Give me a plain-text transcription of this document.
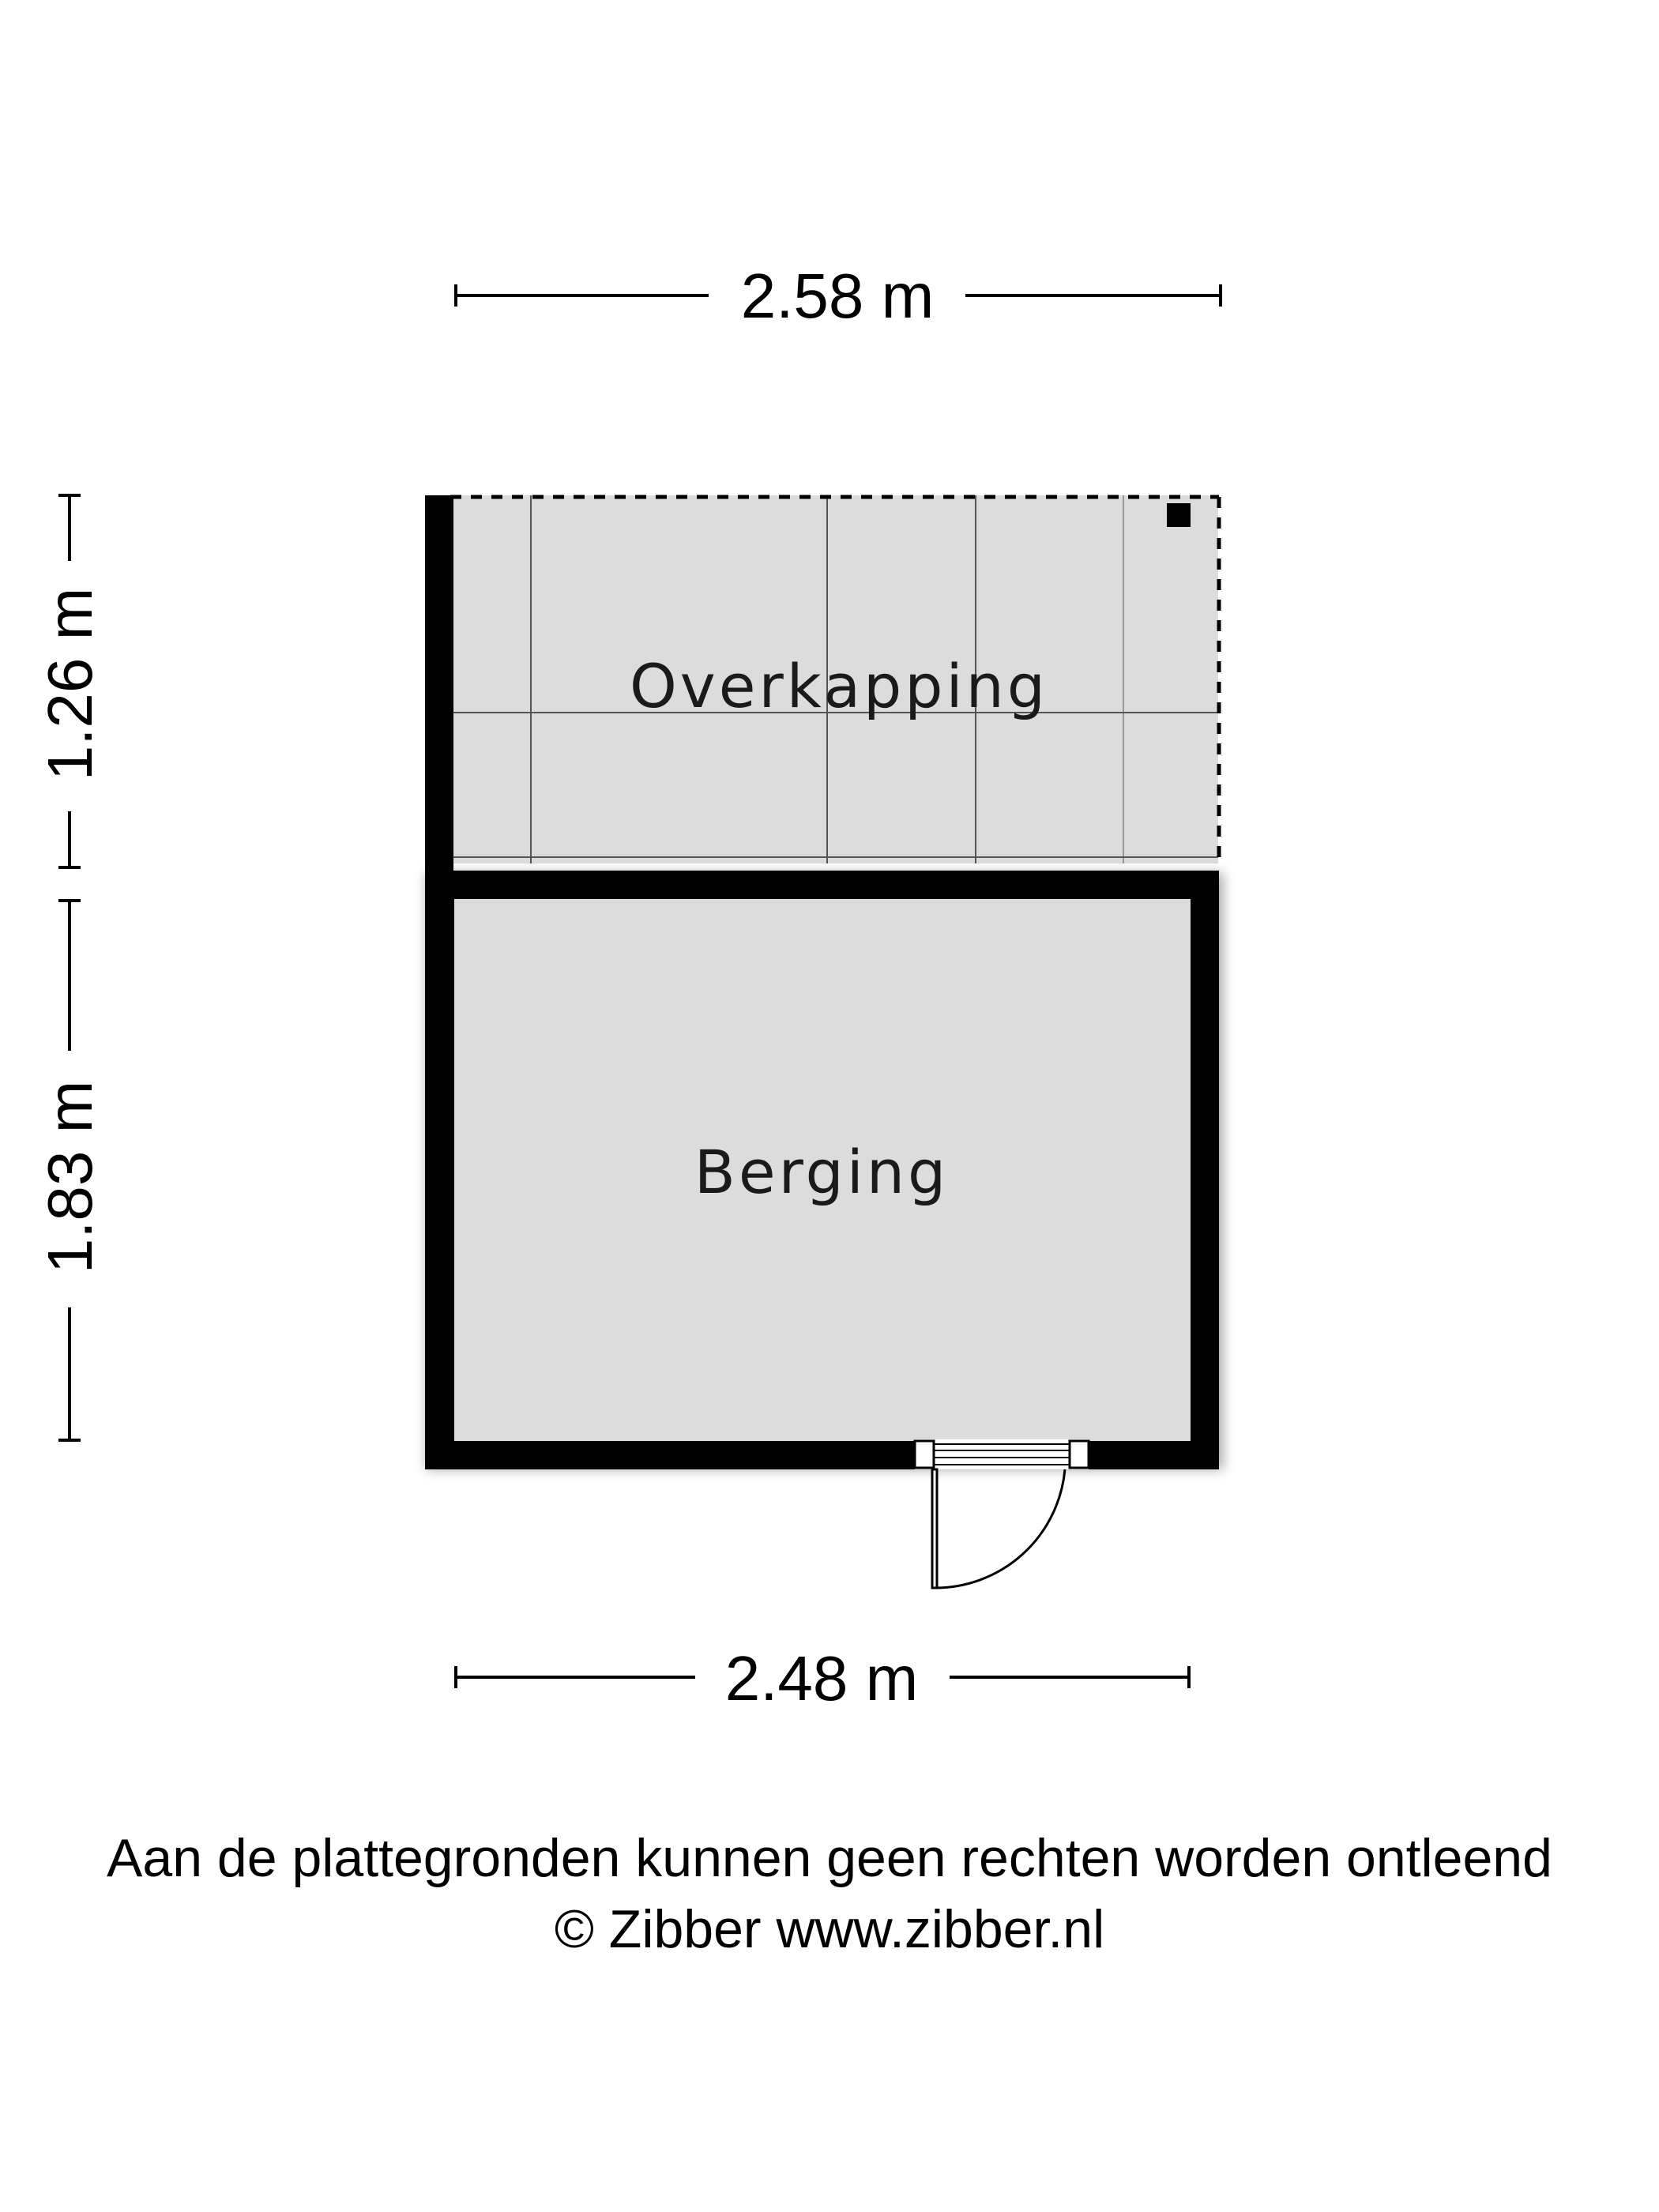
2.58 m
1.26 m
1.83 m
Overkapping
Berging
2.48 m
Aan de plattegronden kunnen geen rechten worden ontleend
© Zibber www.zibber.nl
